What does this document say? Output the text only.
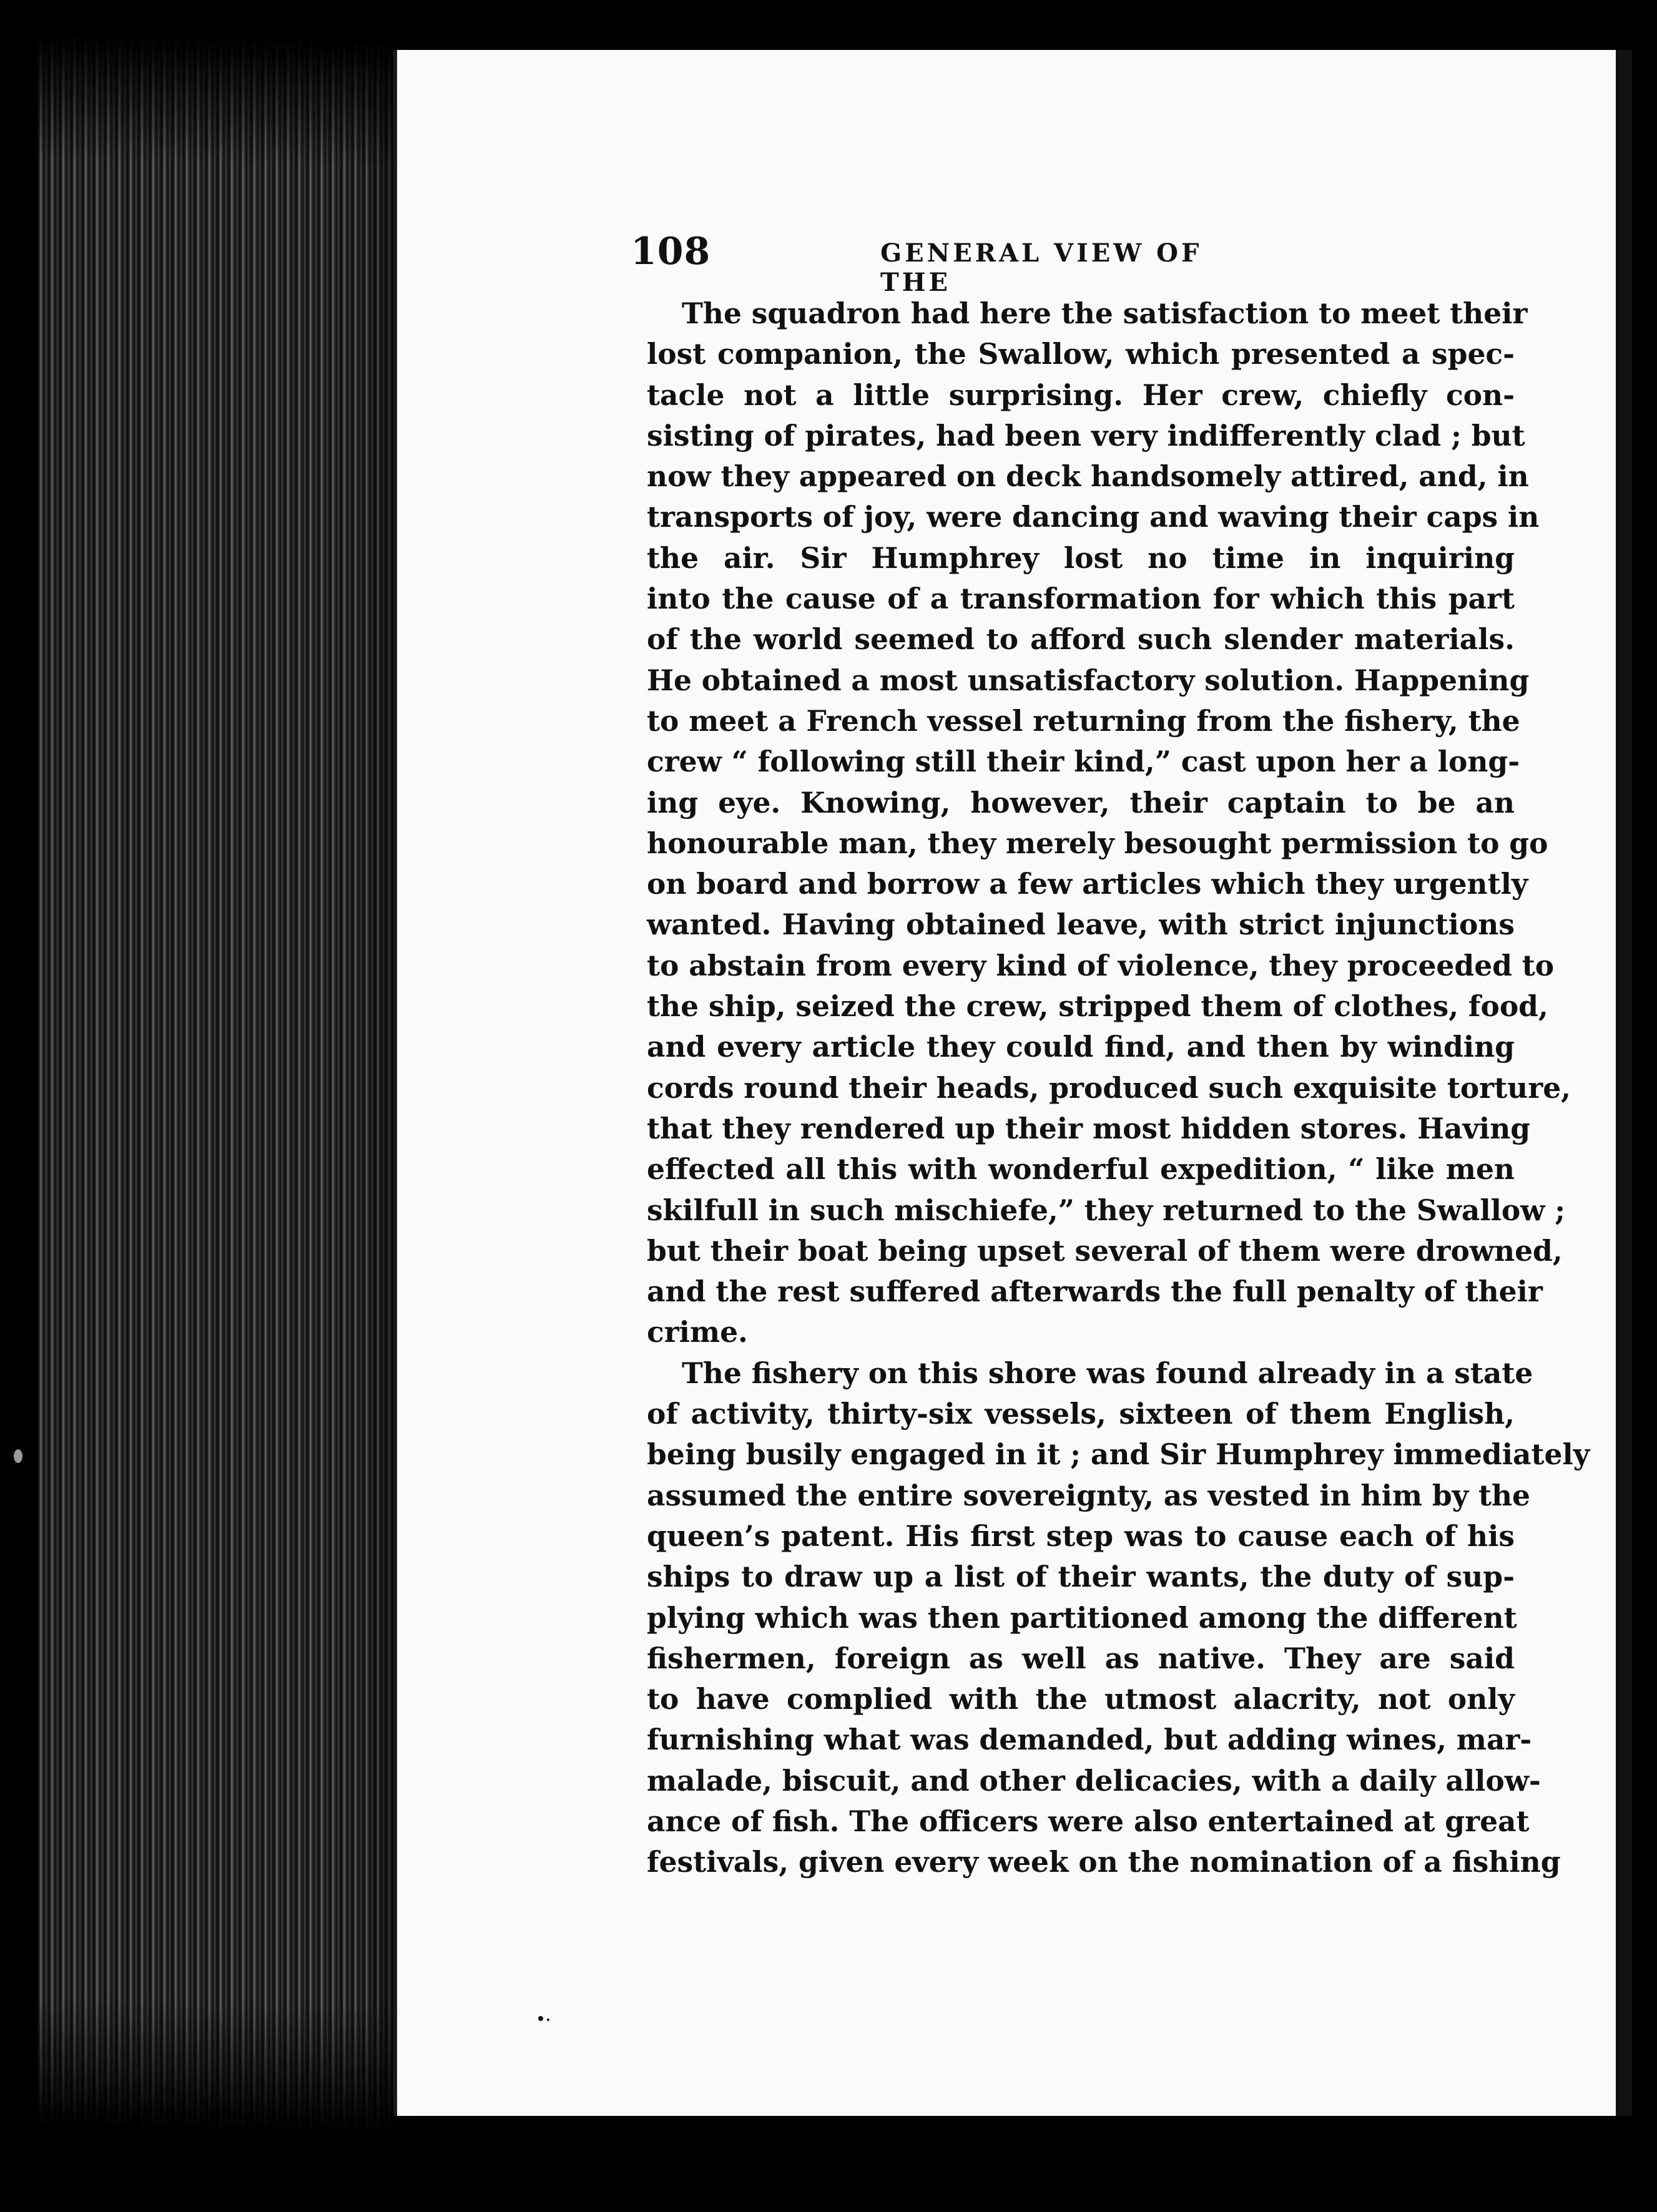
108	GENERAL VIEW OF THE
The squadron had here the satisfaction to meet their
lost companion, the Swallow, which presented a spec-
tacle not a little surprising. Her crew, chiefly con-
sisting of pirates, had been very indifferently clad ; but
now they appeared on deck handsomely attired, and, in
transports of joy, were dancing and waving their caps in
the air. Sir Humphrey lost no time in inquiring
into the cause of a transformation for which this part
of the world seemed to afford such slender materials.
He obtained a most unsatisfactory solution. Happening
to meet a French vessel returning from the fishery, the
crew “ following still their kind,” cast upon her a long-
ing eye. Knowing, however, their captain to be an
honourable man, they merely besought permission to go
on board and borrow a few articles which they urgently
wanted. Having obtained leave, with strict injunctions
to abstain from every kind of violence, they proceeded to
the ship, seized the crew, stripped them of clothes, food,
and every article they could find, and then by winding
cords round their heads, produced such exquisite torture,
that they rendered up their most hidden stores. Having
effected all this with wonderful expedition, “ like men
skilfull in such mischiefe,” they returned to the Swallow ;
but their boat being upset several of them were drowned,
and the rest suffered afterwards the full penalty of their
crime.
The fishery on this shore was found already in a state
of activity, thirty-six vessels, sixteen of them English,
being busily engaged in it ; and Sir Humphrey immediately
assumed the entire sovereignty, as vested in him by the
queen’s patent. His first step was to cause each of his
ships to draw up a list of their wants, the duty of sup-
plying which was then partitioned among the different
fishermen, foreign as well as native. They are said
to have complied with the utmost alacrity, not only
furnishing what was demanded, but adding wines, mar-
malade, biscuit, and other delicacies, with a daily allow-
ance of fish. The officers were also entertained at great
festivals, given every week on the nomination of a fishing
